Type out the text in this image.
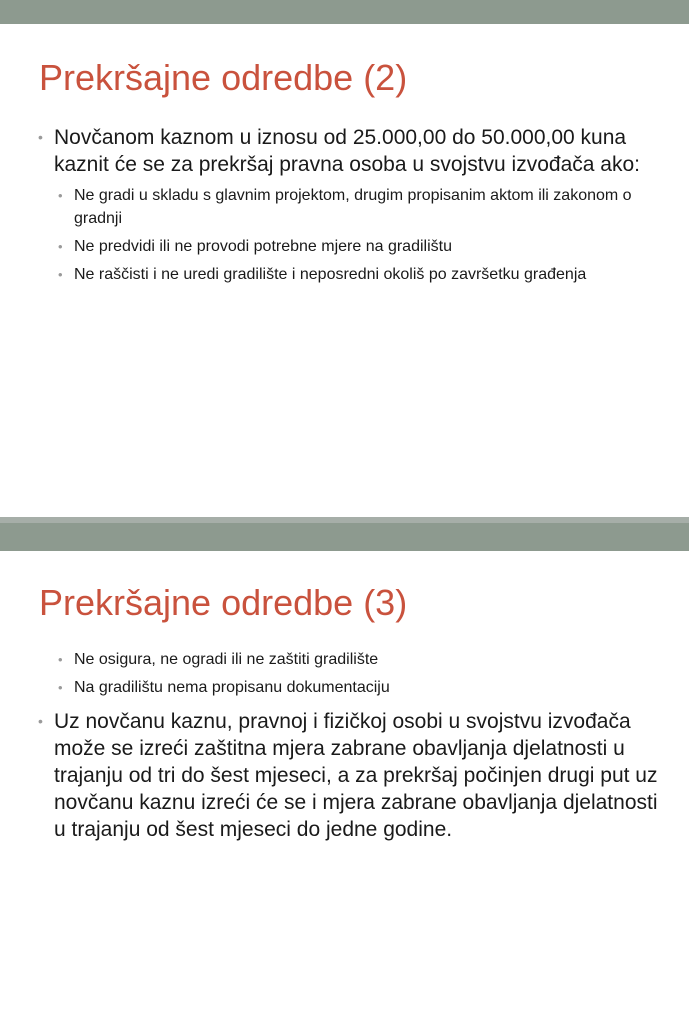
Prekršajne odredbe (2)
• Novčanom kaznom u iznosu od 25.000,00 do 50.000,00 kuna kaznit će se za prekršaj pravna osoba u svojstvu izvođača ako:
• Ne gradi u skladu s glavnim projektom, drugim propisanim aktom ili zakonom o gradnji
• Ne predvidi ili ne provodi potrebne mjere na gradilištu
• Ne raščisti i ne uredi gradilište i neposredni okoliš po završetku građenja
Prekršajne odredbe (3)
• Ne osigura, ne ogradi ili ne zaštiti gradilište
• Na gradilištu nema propisanu dokumentaciju
• Uz novčanu kaznu, pravnoj i fizičkoj osobi u svojstvu izvođača može se izreći zaštitna mjera zabrane obavljanja djelatnosti u trajanju od tri do šest mjeseci, a za prekršaj počinjen drugi put uz novčanu kaznu izreći će se i mjera zabrane obavljanja djelatnosti u trajanju od šest mjeseci do jedne godine.
